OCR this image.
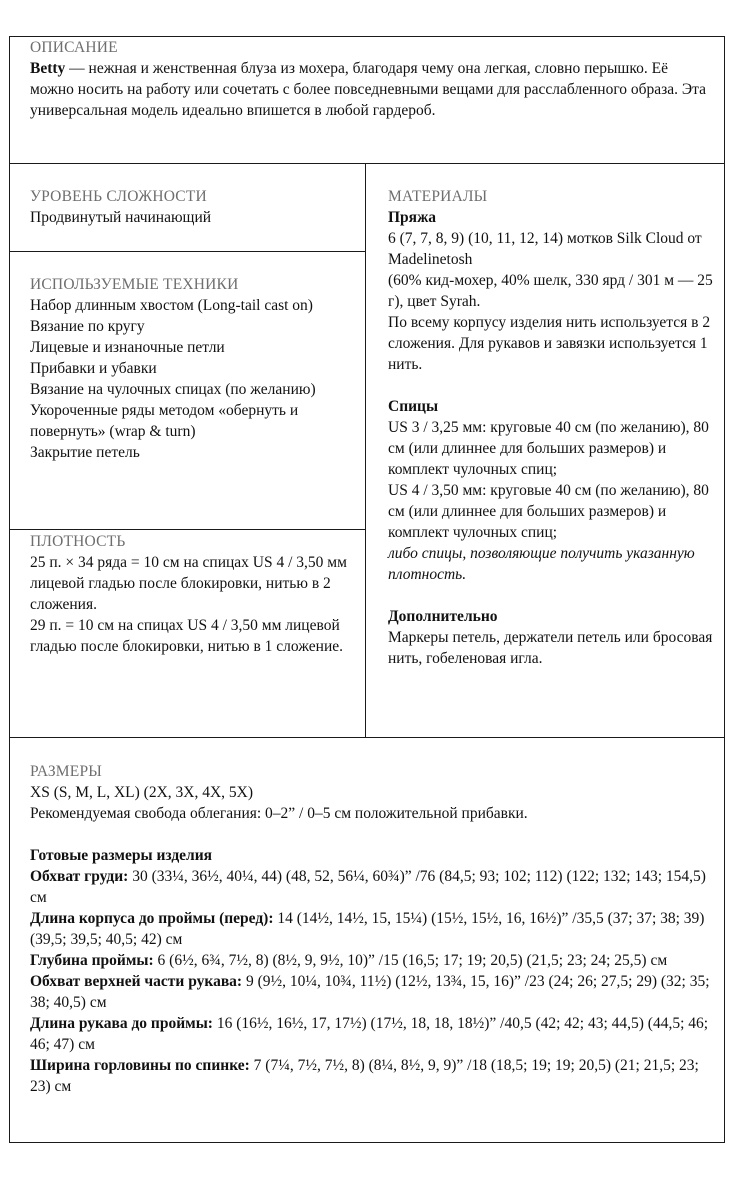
ОПИСАНИЕ

Betty — нежная и женственная блуза из мохера, благодаря чему она легкая, словно перышко. Её можно носить на работу или сочетать с более повседневными вещами для расслабленного образа. Эта универсальная модель идеально впишется в любой гардероб.

УРОВЕНЬ СЛОЖНОСТИ

Продвинутый начинающий

ИСПОЛЬЗУЕМЫЕ ТЕХНИКИ

Набор длинным хвостом (Long-tail cast on)

Вязание по кругу

Лицевые и изнаночные петли

Прибавки и убавки

Вязание на чулочных спицах (по желанию)

Укороченные ряды методом «обернуть и повернуть» (wrap & turn)

Закрытие петель

ПЛОТНОСТЬ

25 п. × 34 ряда = 10 см на спицах US 4 / 3,50 мм лицевой гладью после блокировки, нитью в 2 сложения.

29 п. = 10 см на спицах US 4 / 3,50 мм лицевой гладью после блокировки, нитью в 1 сложение.

МАТЕРИАЛЫ

Пряжа

6 (7, 7, 8, 9) (10, 11, 12, 14) мотков Silk Cloud от Madelinetosh

(60% кид-мохер, 40% шелк, 330 ярд / 301 м — 25 г), цвет Syrah.

По всему корпусу изделия нить используется в 2 сложения. Для рукавов и завязки используется 1 нить.

Спицы

US 3 / 3,25 мм: круговые 40 см (по желанию), 80 см (или длиннее для больших размеров) и комплект чулочных спиц;

US 4 / 3,50 мм: круговые 40 см (по желанию), 80 см (или длиннее для больших размеров) и комплект чулочных спиц;

либо спицы, позволяющие получить указанную плотность.

Дополнительно

Маркеры петель, держатели петель или бросовая нить, гобеленовая игла.

РАЗМЕРЫ

XS (S, M, L, XL) (2X, 3X, 4X, 5X)

Рекомендуемая свобода облегания: 0–2” / 0–5 см положительной прибавки.

Готовые размеры изделия

Обхват груди: 30 (33¼, 36½, 40¼, 44) (48, 52, 56¼, 60¾)” /76 (84,5; 93; 102; 112) (122; 132; 143; 154,5) см

Длина корпуса до проймы (перед): 14 (14½, 14½, 15, 15¼) (15½, 15½, 16, 16½)” /35,5 (37; 37; 38; 39) (39,5; 39,5; 40,5; 42) см

Глубина проймы: 6 (6½, 6¾, 7½, 8) (8½, 9, 9½, 10)” /15 (16,5; 17; 19; 20,5) (21,5; 23; 24; 25,5) см

Обхват верхней части рукава: 9 (9½, 10¼, 10¾, 11½) (12½, 13¾, 15, 16)” /23 (24; 26; 27,5; 29) (32; 35; 38; 40,5) см

Длина рукава до проймы: 16 (16½, 16½, 17, 17½) (17½, 18, 18, 18½)” /40,5 (42; 42; 43; 44,5) (44,5; 46; 46; 47) см

Ширина горловины по спинке: 7 (7¼, 7½, 7½, 8) (8¼, 8½, 9, 9)” /18 (18,5; 19; 19; 20,5) (21; 21,5; 23; 23) см
